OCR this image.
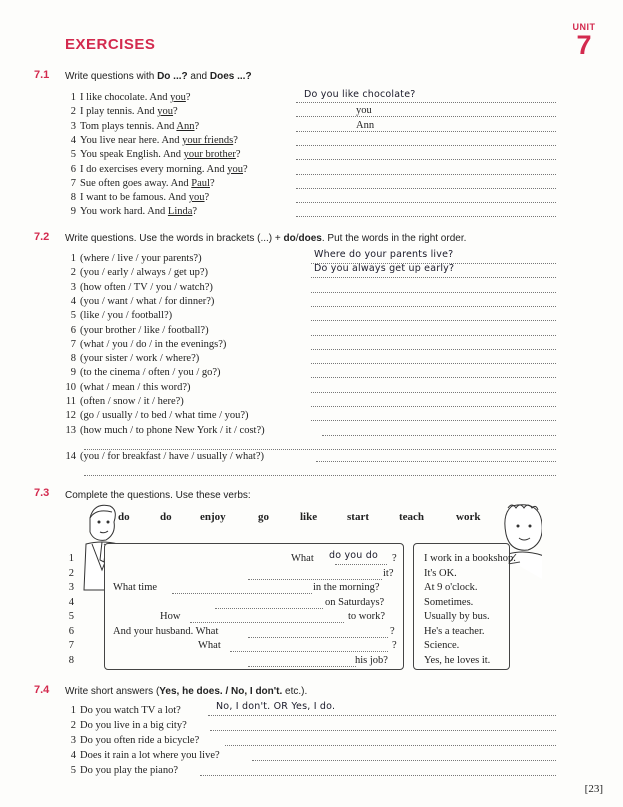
EXERCISES
UNIT
7
7.1 Write questions with Do ...? and Does ...?
1 I like chocolate. And you?	Do you like chocolate?
2 I play tennis. And you?	you
3 Tom plays tennis. And Ann?	Ann
4 You live near here. And your friends?
5 You speak English. And your brother?
6 I do exercises every morning. And you?
7 Sue often goes away. And Paul?
8 I want to be famous. And you?
9 You work hard. And Linda?
7.2 Write questions. Use the words in brackets (...) + do/does. Put the words in the right order.
1 (where / live / your parents?)	Where do your parents live?
2 (you / early / always / get up?)	Do you always get up early?
3 (how often / TV / you / watch?)
4 (you / want / what / for dinner?)
5 (like / you / football?)
6 (your brother / like / football?)
7 (what / you / do / in the evenings?)
8 (your sister / work / where?)
9 (to the cinema / often / you / go?)
10 (what / mean / this word?)
11 (often / snow / it / here?)
12 (go / usually / to bed / what time / you?)
13 (how much / to phone New York / it / cost?)
14 (you / for breakfast / have / usually / what?)
7.3 Complete the questions. Use these verbs:
do	do	enjoy	go	like	start	teach	work
1	What do you do ?	I work in a bookshop.
2	it?	It's OK.
3	What time	in the morning?	At 9 o'clock.
4	on Saturdays?	Sometimes.
5	How	to work?	Usually by bus.
6	And your husband. What	?	He's a teacher.
7	What	?	Science.
8	his job?	Yes, he loves it.
7.4 Write short answers (Yes, he does. / No, I don't. etc.).
1 Do you watch TV a lot?	No, I don't. OR Yes, I do.
2 Do you live in a big city?
3 Do you often ride a bicycle?
4 Does it rain a lot where you live?
5 Do you play the piano?
[23]
